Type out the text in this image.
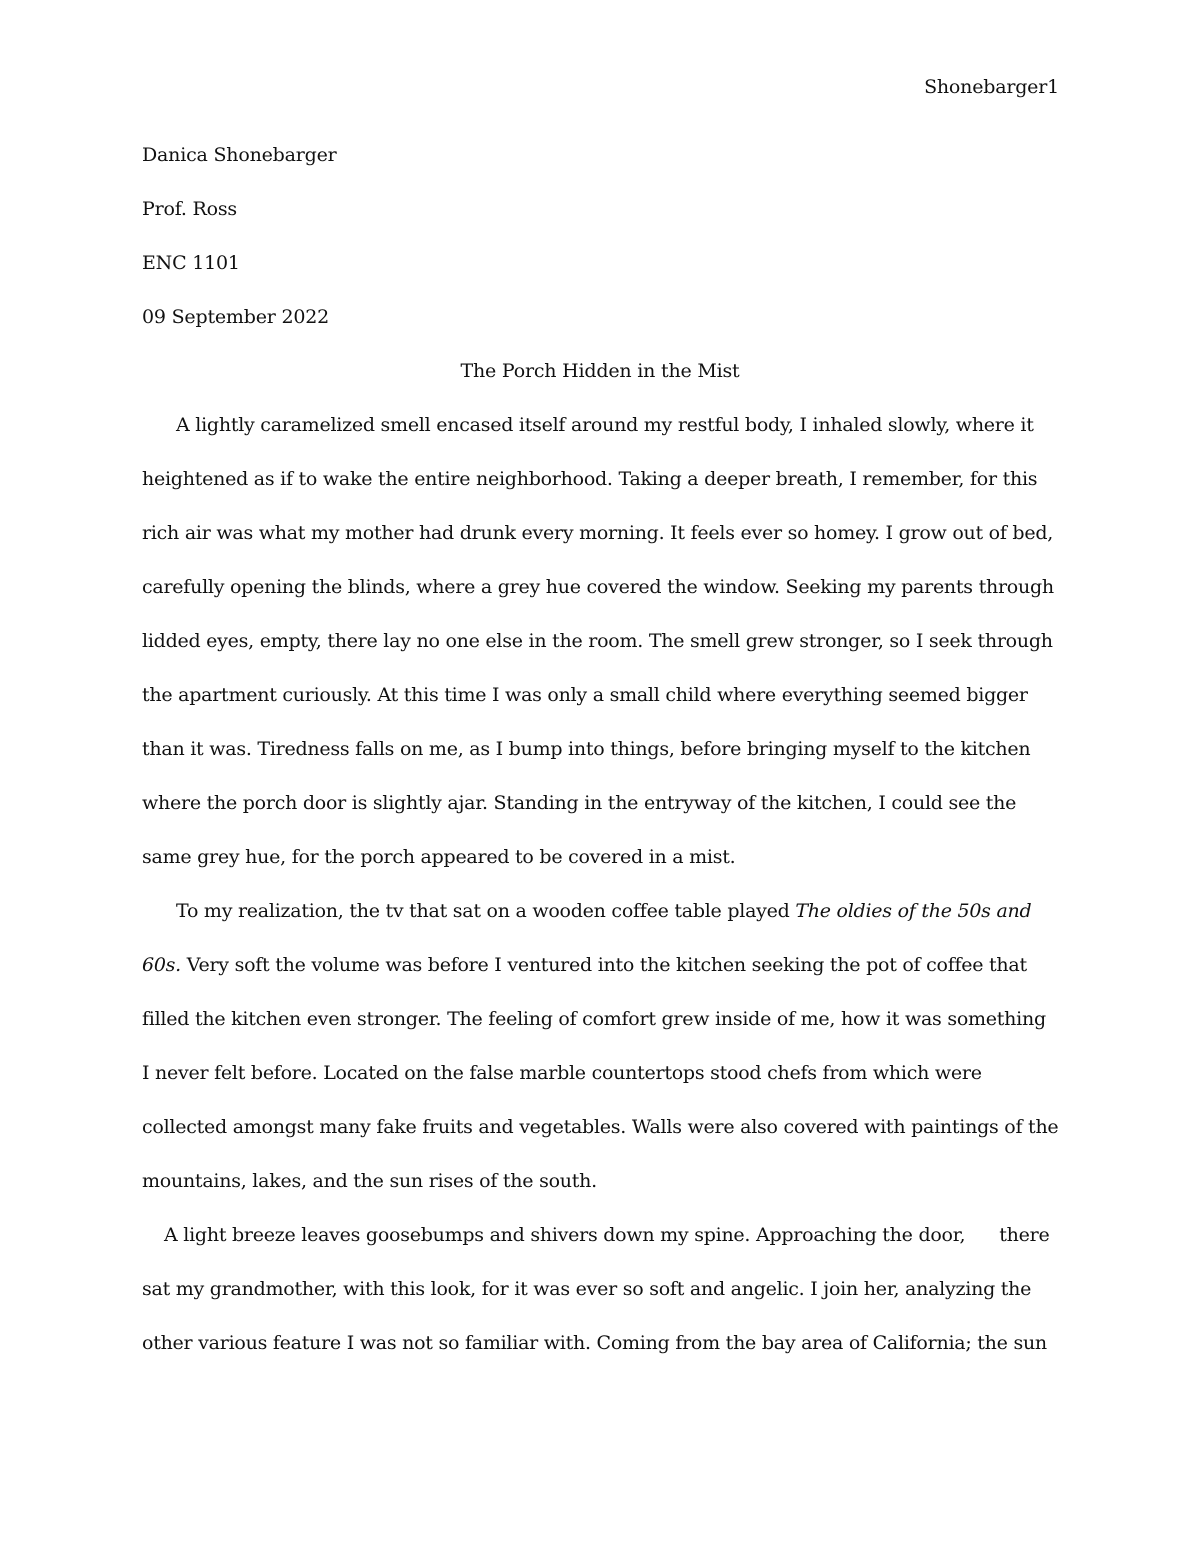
Shonebarger1
Danica Shonebarger
Prof. Ross
ENC 1101
09 September 2022
The Porch Hidden in the Mist
A lightly caramelized smell encased itself around my restful body, I inhaled slowly, where it
heightened as if to wake the entire neighborhood. Taking a deeper breath, I remember, for this
rich air was what my mother had drunk every morning. It feels ever so homey. I grow out of bed,
carefully opening the blinds, where a grey hue covered the window. Seeking my parents through
lidded eyes, empty, there lay no one else in the room. The smell grew stronger, so I seek through
the apartment curiously. At this time I was only a small child where everything seemed bigger
than it was. Tiredness falls on me, as I bump into things, before bringing myself to the kitchen
where the porch door is slightly ajar. Standing in the entryway of the kitchen, I could see the
same grey hue, for the porch appeared to be covered in a mist.
To my realization, the tv that sat on a wooden coffee table played The oldies of the 50s and
60s. Very soft the volume was before I ventured into the kitchen seeking the pot of coffee that
filled the kitchen even stronger. The feeling of comfort grew inside of me, how it was something
I never felt before. Located on the false marble countertops stood chefs from which were
collected amongst many fake fruits and vegetables. Walls were also covered with paintings of the
mountains, lakes, and the sun rises of the south.
A light breeze leaves goosebumps and shivers down my spine. Approaching the door, there
sat my grandmother, with this look, for it was ever so soft and angelic. I join her, analyzing the
other various feature I was not so familiar with. Coming from the bay area of California; the sun
